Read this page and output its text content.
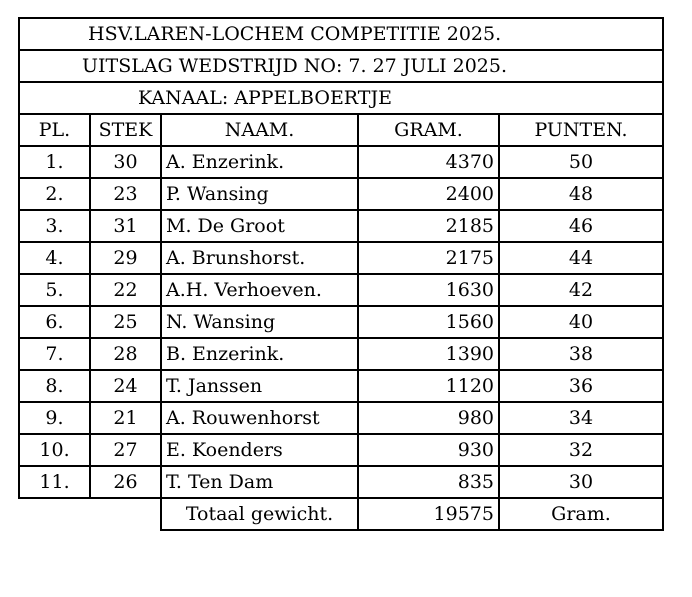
HSV.LAREN-LOCHEM COMPETITIE 2025.				
UITSLAG WEDSTRIJD NO: 7. 27 JULI 2025.				
KANAAL: APPELBOERTJE				
PL.	STEK	NAAM.	GRAM.	PUNTEN.
1.	30	A. Enzerink.	4370	50
2.	23	P. Wansing	2400	48
3.	31	M. De Groot	2185	46
4.	29	A. Brunshorst.	2175	44
5.	22	A.H. Verhoeven.	1630	42
6.	25	N. Wansing	1560	40
7.	28	B. Enzerink.	1390	38
8.	24	T. Janssen	1120	36
9.	21	A. Rouwenhorst	980	34
10.	27	E. Koenders	930	32
11.	26	T. Ten Dam	835	30
		Totaal gewicht.	19575	Gram.
